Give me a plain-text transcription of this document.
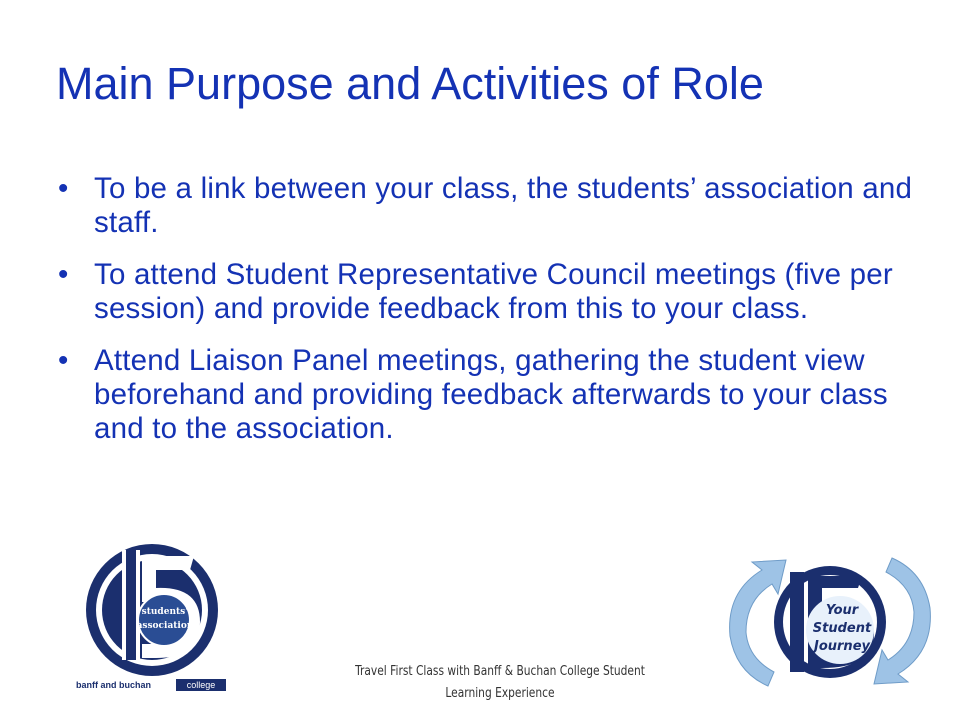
Main Purpose and Activities of Role
• To be a link between your class, the students’ association and staff.
• To attend Student Representative Council meetings (five per session) and provide feedback from this to your class.
• Attend Liaison Panel meetings, gathering the student view beforehand and providing feedback afterwards to your class and to the association.
students’
association
banff and buchan	college
Your
Student
Journey
Travel First Class with Banff & Buchan College Student Learning Experience
